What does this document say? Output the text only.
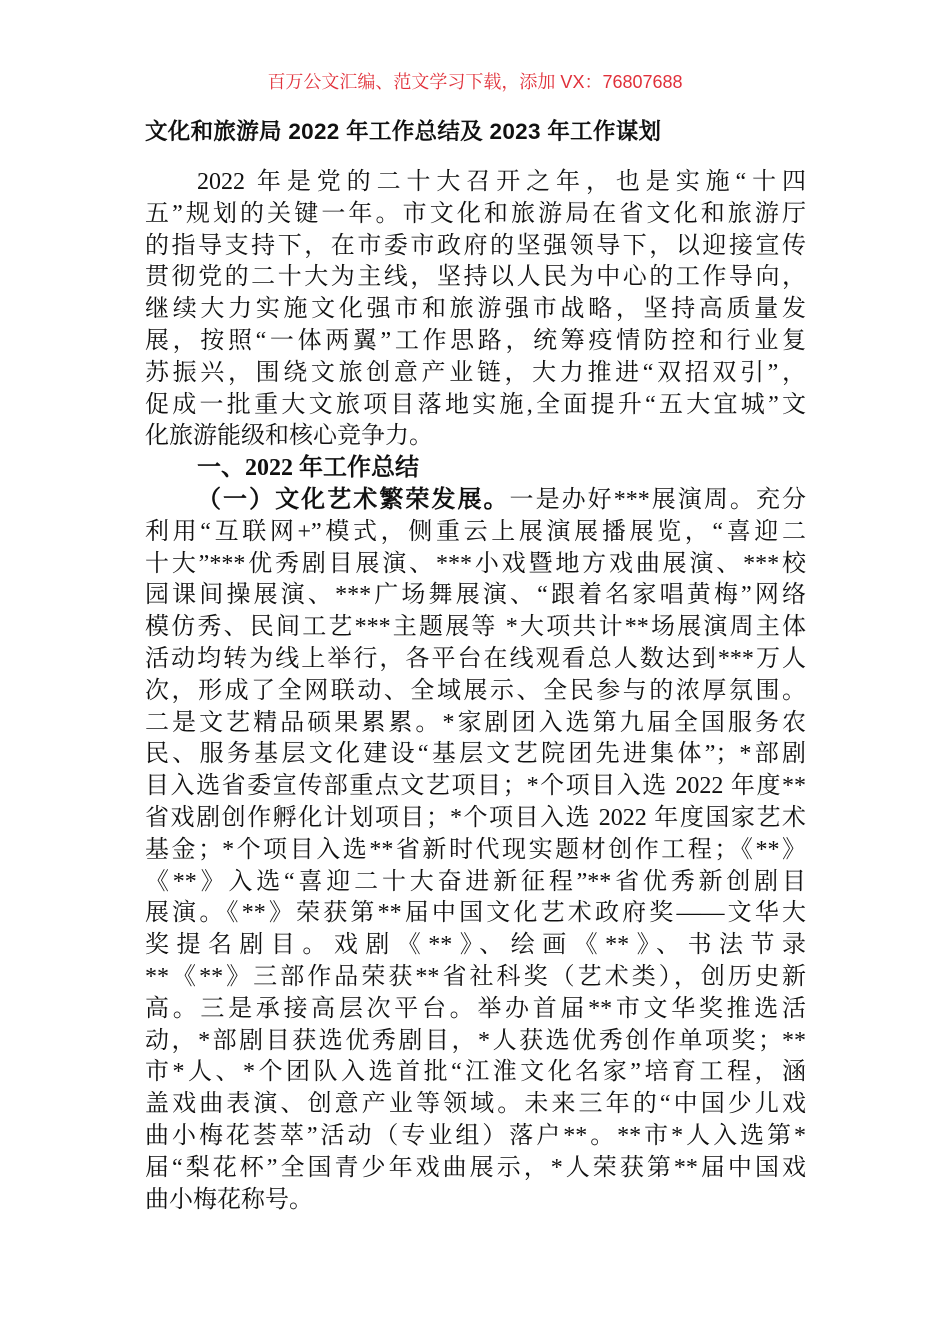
百万公文汇编、范文学习下载，添加 VX：76807688
文化和旅游局 2022 年工作总结及 2023 年工作谋划
2022 年是党的二十大召开之年，也是实施“十四
五”规划的关键一年。市文化和旅游局在省文化和旅游厅
的指导支持下，在市委市政府的坚强领导下，以迎接宣传
贯彻党的二十大为主线，坚持以人民为中心的工作导向，
继续大力实施文化强市和旅游强市战略，坚持高质量发
展，按照“一体两翼”工作思路，统筹疫情防控和行业复
苏振兴，围绕文旅创意产业链，大力推进“双招双引”，
促成一批重大文旅项目落地实施,全面提升“五大宜城”文
化旅游能级和核心竞争力。
一、2022 年工作总结
（一）文化艺术繁荣发展。一是办好***展演周。充分
利用“互联网+”模式，侧重云上展演展播展览，“喜迎二
十大”***优秀剧目展演、***小戏暨地方戏曲展演、***校
园课间操展演、***广场舞展演、“跟着名家唱黄梅”网络
模仿秀、民间工艺***主题展等 *大项共计**场展演周主体
活动均转为线上举行，各平台在线观看总人数达到***万人
次，形成了全网联动、全域展示、全民参与的浓厚氛围。
二是文艺精品硕果累累。*家剧团入选第九届全国服务农
民、服务基层文化建设“基层文艺院团先进集体”；*部剧
目入选省委宣传部重点文艺项目；*个项目入选 2022 年度**
省戏剧创作孵化计划项目；*个项目入选 2022 年度国家艺术
基金；*个项目入选**省新时代现实题材创作工程；《**》
《**》入选“喜迎二十大奋进新征程”**省优秀新创剧目
展演。《**》荣获第**届中国文化艺术政府奖——文华大
奖提名剧目。戏剧《**》、绘画《**》、书法节录
**《**》三部作品荣获**省社科奖（艺术类），创历史新
高。三是承接高层次平台。举办首届**市文华奖推选活
动，*部剧目获选优秀剧目，*人获选优秀创作单项奖；**
市*人、*个团队入选首批“江淮文化名家”培育工程，涵
盖戏曲表演、创意产业等领域。未来三年的“中国少儿戏
曲小梅花荟萃”活动（专业组）落户**。**市*人入选第*
届“梨花杯”全国青少年戏曲展示，*人荣获第**届中国戏
曲小梅花称号。
